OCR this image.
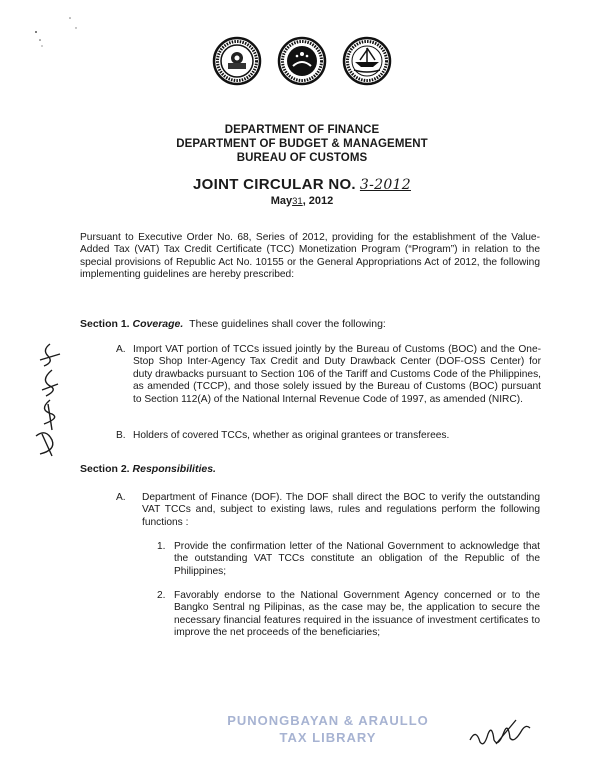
DEPARTMENT OF FINANCE
DEPARTMENT OF BUDGET & MANAGEMENT
BUREAU OF CUSTOMS
JOINT CIRCULAR NO. 3-2012
May31, 2012

Pursuant to Executive Order No. 68, Series of 2012, providing for the establishment of the Value-Added Tax (VAT) Tax Credit Certificate (TCC) Monetization Program (“Program”) in relation to the special provisions of Republic Act No. 10155 or the General Appropriations Act of 2012, the following implementing guidelines are hereby prescribed:

Section 1. Coverage. These guidelines shall cover the following:
A. Import VAT portion of TCCs issued jointly by the Bureau of Customs (BOC) and the One-Stop Shop Inter-Agency Tax Credit and Duty Drawback Center (DOF-OSS Center) for duty drawbacks pursuant to Section 106 of the Tariff and Customs Code of the Philippines, as amended (TCCP), and those solely issued by the Bureau of Customs (BOC) pursuant to Section 112(A) of the National Internal Revenue Code of 1997, as amended (NIRC).

B. Holders of covered TCCs, whether as original grantees or transferees.

Section 2. Responsibilities.
A. Department of Finance (DOF). The DOF shall direct the BOC to verify the outstanding VAT TCCs and, subject to existing laws, rules and regulations perform the following functions :

1. Provide the confirmation letter of the National Government to acknowledge that the outstanding VAT TCCs constitute an obligation of the Republic of the Philippines;

2. Favorably endorse to the National Government Agency concerned or to the Bangko Sentral ng Pilipinas, as the case may be, the application to secure the necessary financial features required in the issuance of investment certificates to improve the net proceeds of the beneficiaries;

PUNONGBAYAN & ARAULLO
TAX LIBRARY
